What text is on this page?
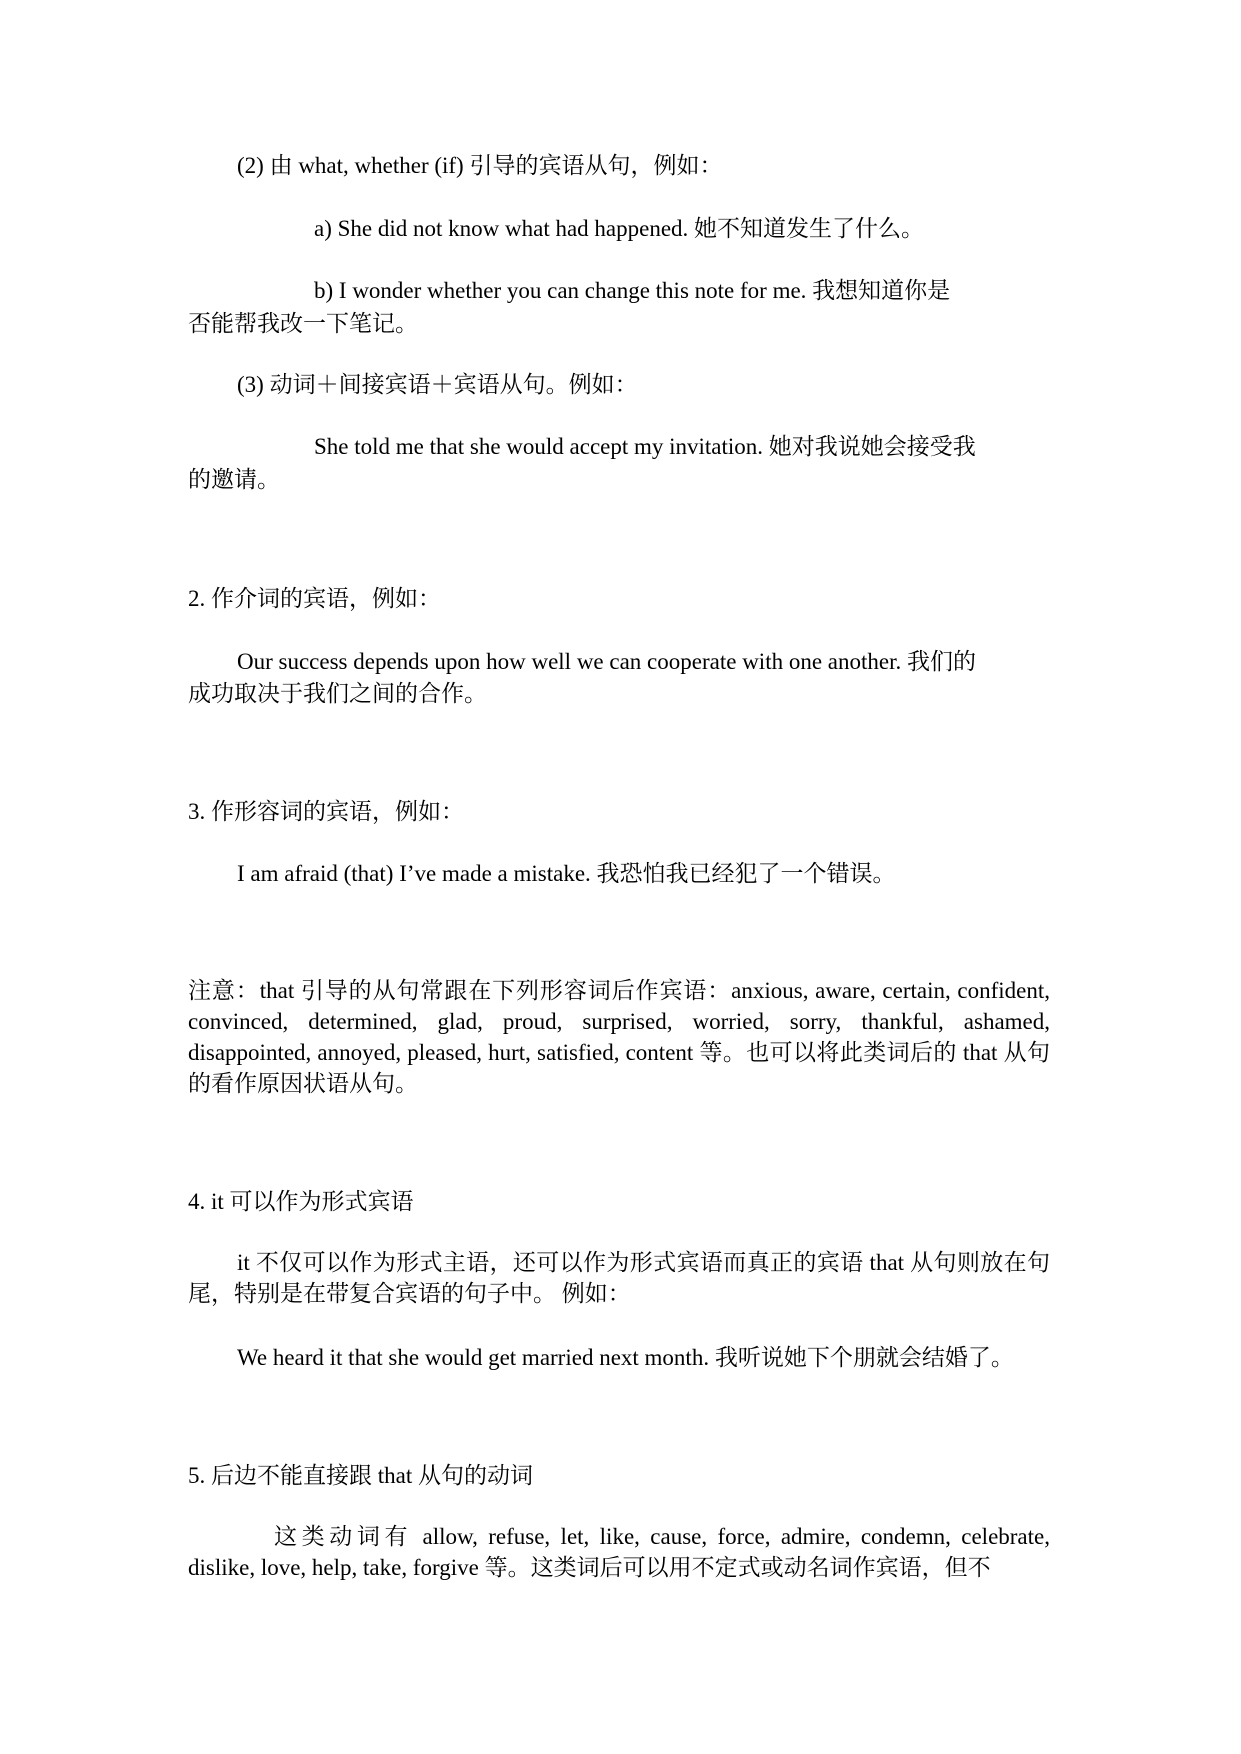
(2) 由 what, whether (if) 引导的宾语从句，例如：
a) She did not know what had happened. 她不知道发生了什么。
b) I wonder whether you can change this note for me. 我想知道你是
否能帮我改一下笔记。
(3) 动词＋间接宾语＋宾语从句。例如：
She told me that she would accept my invitation. 她对我说她会接受我
的邀请。
2. 作介词的宾语，例如：
Our success depends upon how well we can cooperate with one another. 我们的
成功取决于我们之间的合作。
3. 作形容词的宾语，例如：
I am afraid (that) I’ve made a mistake. 我恐怕我已经犯了一个错误。
注意：that 引导的从句常跟在下列形容词后作宾语：anxious, aware, certain, confident, convinced, determined, glad, proud, surprised, worried, sorry, thankful, ashamed, disappointed, annoyed, pleased, hurt, satisfied, content 等。也可以将此类词后的 that 从句的看作原因状语从句。
4. it 可以作为形式宾语
it 不仅可以作为形式主语，还可以作为形式宾语而真正的宾语 that 从句则放在句尾，特别是在带复合宾语的句子中。 例如：
We heard it that she would get married next month. 我听说她下个朋就会结婚了。
5. 后边不能直接跟 that 从句的动词
这类动词有 allow, refuse, let, like, cause, force, admire, condemn, celebrate, dislike, love, help, take, forgive 等。这类词后可以用不定式或动名词作宾语，但不
